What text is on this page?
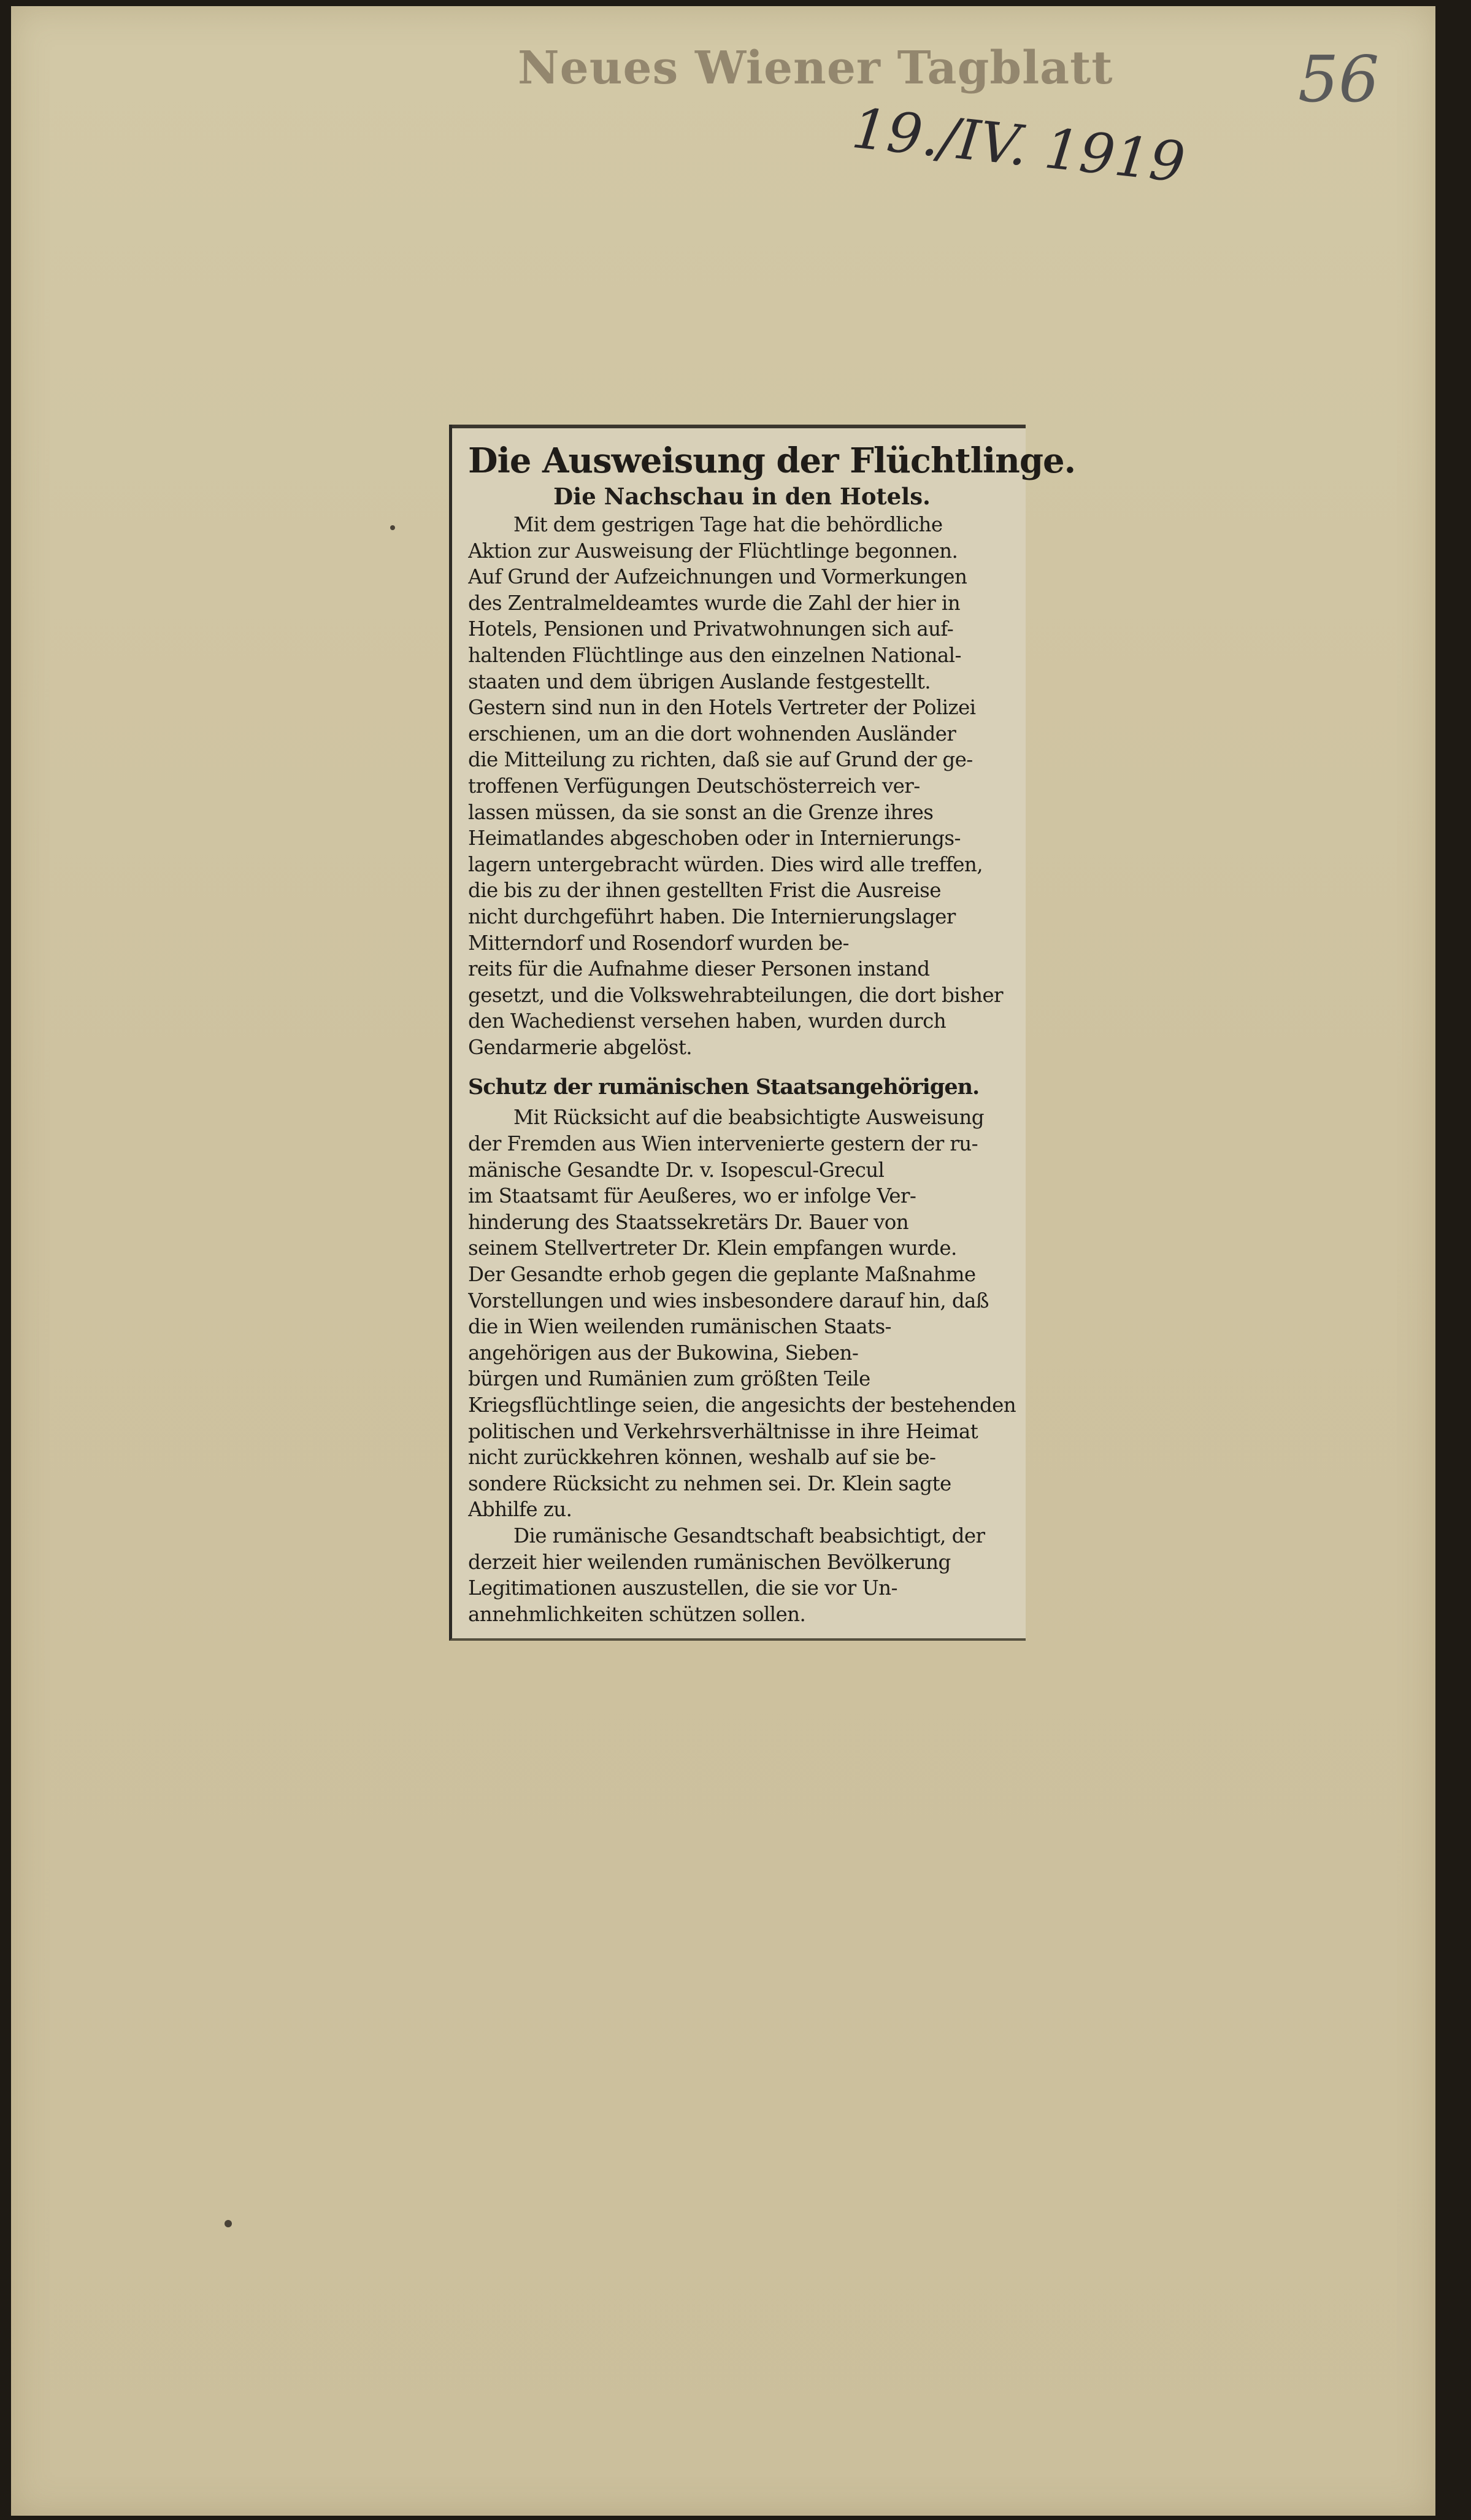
Neues Wiener Tagblatt
19./IV. 1919
56
Die Ausweisung der Flüchtlinge.
Die Nachschau in den Hotels.
Mit dem gestrigen Tage hat die behördliche
Aktion zur Ausweisung der Flüchtlinge begonnen.
Auf Grund der Aufzeichnungen und Vormerkungen
des Zentralmeldeamtes wurde die Zahl der hier in
Hotels, Pensionen und Privatwohnungen sich auf-
haltenden Flüchtlinge aus den einzelnen National-
staaten und dem übrigen Auslande festgestellt.
Gestern sind nun in den Hotels Vertreter der Polizei
erschienen, um an die dort wohnenden Ausländer
die Mitteilung zu richten, daß sie auf Grund der ge-
troffenen Verfügungen Deutschösterreich ver-
lassen müssen, da sie sonst an die Grenze ihres
Heimatlandes abgeschoben oder in Internierungs-
lagern untergebracht würden. Dies wird alle treffen,
die bis zu der ihnen gestellten Frist die Ausreise
nicht durchgeführt haben. Die Internierungslager
Mitterndorf und Rosendorf wurden be-
reits für die Aufnahme dieser Personen instand
gesetzt, und die Volkswehrabteilungen, die dort bisher
den Wachedienst versehen haben, wurden durch
Gendarmerie abgelöst.
Schutz der rumänischen Staatsangehörigen.
Mit Rücksicht auf die beabsichtigte Ausweisung
der Fremden aus Wien intervenierte gestern der ru-
mänische Gesandte Dr. v. Isopescul-Grecul
im Staatsamt für Aeußeres, wo er infolge Ver-
hinderung des Staatssekretärs Dr. Bauer von
seinem Stellvertreter Dr. Klein empfangen wurde.
Der Gesandte erhob gegen die geplante Maßnahme
Vorstellungen und wies insbesondere darauf hin, daß
die in Wien weilenden rumänischen Staats-
angehörigen aus der Bukowina, Sieben-
bürgen und Rumänien zum größten Teile
Kriegsflüchtlinge seien, die angesichts der bestehenden
politischen und Verkehrsverhältnisse in ihre Heimat
nicht zurückkehren können, weshalb auf sie be-
sondere Rücksicht zu nehmen sei. Dr. Klein sagte
Abhilfe zu.
Die rumänische Gesandtschaft beabsichtigt, der
derzeit hier weilenden rumänischen Bevölkerung
Legitimationen auszustellen, die sie vor Un-
annehmlichkeiten schützen sollen.
